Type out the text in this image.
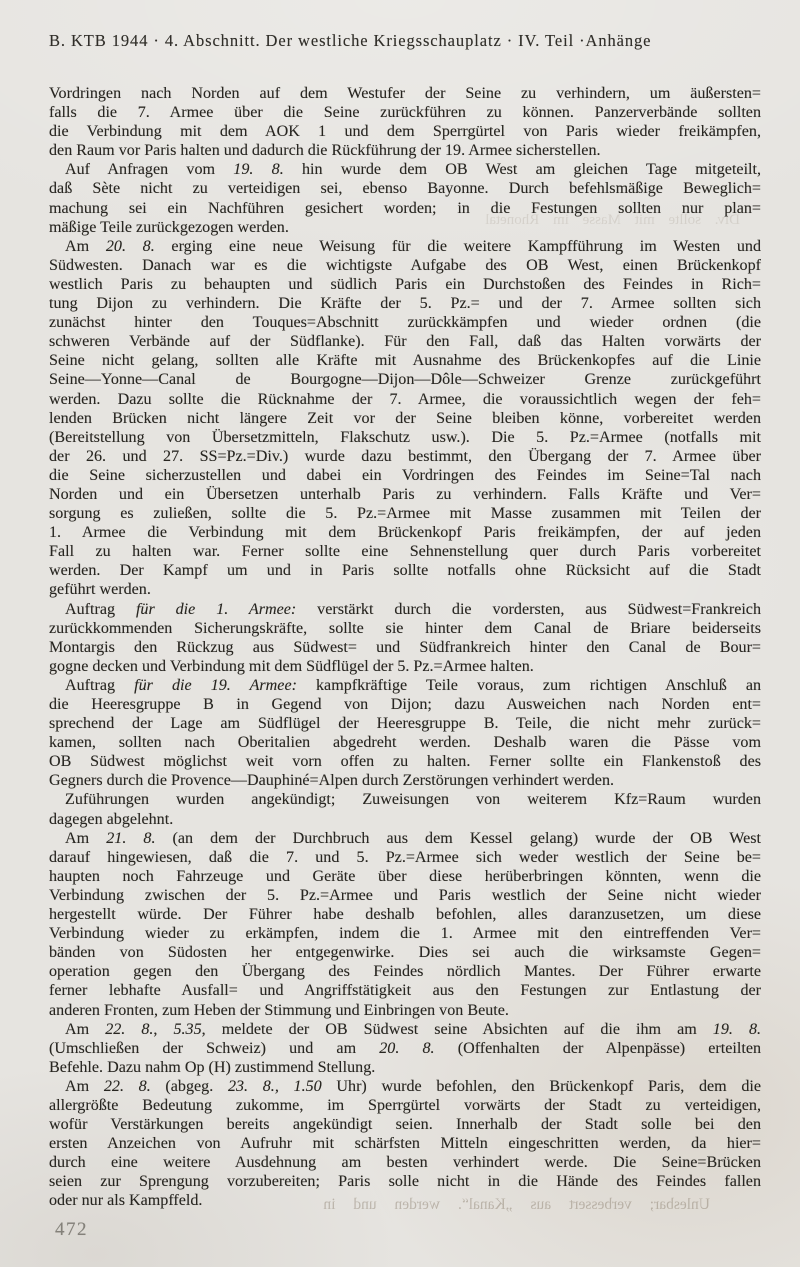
B. KTB 1944 · 4. Abschnitt. Der westliche Kriegsschauplatz · IV. Teil ·Anhänge
Div. sollte mit Masse im Rhonetal
Vordringen nach Norden auf dem Westufer der Seine zu verhindern, um äußersten=
falls die 7. Armee über die Seine zurückführen zu können. Panzerverbände sollten
die Verbindung mit dem AOK 1 und dem Sperrgürtel von Paris wieder freikämpfen,
den Raum vor Paris halten und dadurch die Rückführung der 19. Armee sicherstellen.
Auf Anfragen vom 19. 8. hin wurde dem OB West am gleichen Tage mitgeteilt,
daß Sète nicht zu verteidigen sei, ebenso Bayonne. Durch befehlsmäßige Beweglich=
machung sei ein Nachführen gesichert worden; in die Festungen sollten nur plan=
mäßige Teile zurückgezogen werden.
Am 20. 8. erging eine neue Weisung für die weitere Kampfführung im Westen und
Südwesten. Danach war es die wichtigste Aufgabe des OB West, einen Brückenkopf
westlich Paris zu behaupten und südlich Paris ein Durchstoßen des Feindes in Rich=
tung Dijon zu verhindern. Die Kräfte der 5. Pz.= und der 7. Armee sollten sich
zunächst hinter den Touques=Abschnitt zurückkämpfen und wieder ordnen (die
schweren Verbände auf der Südflanke). Für den Fall, daß das Halten vorwärts der
Seine nicht gelang, sollten alle Kräfte mit Ausnahme des Brückenkopfes auf die Linie
Seine—Yonne—Canal de Bourgogne—Dijon—Dôle—Schweizer Grenze zurückgeführt
werden. Dazu sollte die Rücknahme der 7. Armee, die voraussichtlich wegen der feh=
lenden Brücken nicht längere Zeit vor der Seine bleiben könne, vorbereitet werden
(Bereitstellung von Übersetzmitteln, Flakschutz usw.). Die 5. Pz.=Armee (notfalls mit
der 26. und 27. SS=Pz.=Div.) wurde dazu bestimmt, den Übergang der 7. Armee über
die Seine sicherzustellen und dabei ein Vordringen des Feindes im Seine=Tal nach
Norden und ein Übersetzen unterhalb Paris zu verhindern. Falls Kräfte und Ver=
sorgung es zuließen, sollte die 5. Pz.=Armee mit Masse zusammen mit Teilen der
1. Armee die Verbindung mit dem Brückenkopf Paris freikämpfen, der auf jeden
Fall zu halten war. Ferner sollte eine Sehnenstellung quer durch Paris vorbereitet
werden. Der Kampf um und in Paris sollte notfalls ohne Rücksicht auf die Stadt
geführt werden.
Auftrag für die 1. Armee: verstärkt durch die vordersten, aus Südwest=Frankreich
zurückkommenden Sicherungskräfte, sollte sie hinter dem Canal de Briare beiderseits
Montargis den Rückzug aus Südwest= und Südfrankreich hinter den Canal de Bour=
gogne decken und Verbindung mit dem Südflügel der 5. Pz.=Armee halten.
Auftrag für die 19. Armee: kampfkräftige Teile voraus, zum richtigen Anschluß an
die Heeresgruppe B in Gegend von Dijon; dazu Ausweichen nach Norden ent=
sprechend der Lage am Südflügel der Heeresgruppe B. Teile, die nicht mehr zurück=
kamen, sollten nach Oberitalien abgedreht werden. Deshalb waren die Pässe vom
OB Südwest möglichst weit vorn offen zu halten. Ferner sollte ein Flankenstoß des
Gegners durch die Provence—Dauphiné=Alpen durch Zerstörungen verhindert werden.
Zuführungen wurden angekündigt; Zuweisungen von weiterem Kfz=Raum wurden
dagegen abgelehnt.
Am 21. 8. (an dem der Durchbruch aus dem Kessel gelang) wurde der OB West
darauf hingewiesen, daß die 7. und 5. Pz.=Armee sich weder westlich der Seine be=
haupten noch Fahrzeuge und Geräte über diese herüberbringen könnten, wenn die
Verbindung zwischen der 5. Pz.=Armee und Paris westlich der Seine nicht wieder
hergestellt würde. Der Führer habe deshalb befohlen, alles daranzusetzen, um diese
Verbindung wieder zu erkämpfen, indem die 1. Armee mit den eintreffenden Ver=
bänden von Südosten her entgegenwirke. Dies sei auch die wirksamste Gegen=
operation gegen den Übergang des Feindes nördlich Mantes. Der Führer erwarte
ferner lebhafte Ausfall= und Angriffstätigkeit aus den Festungen zur Entlastung der
anderen Fronten, zum Heben der Stimmung und Einbringen von Beute.
Am 22. 8., 5.35, meldete der OB Südwest seine Absichten auf die ihm am 19. 8.
(Umschließen der Schweiz) und am 20. 8. (Offenhalten der Alpenpässe) erteilten
Befehle. Dazu nahm Op (H) zustimmend Stellung.
Am 22. 8. (abgeg. 23. 8., 1.50 Uhr) wurde befohlen, den Brückenkopf Paris, dem die
allergrößte Bedeutung zukomme, im Sperrgürtel vorwärts der Stadt zu verteidigen,
wofür Verstärkungen bereits angekündigt seien. Innerhalb der Stadt solle bei den
ersten Anzeichen von Aufruhr mit schärfsten Mitteln eingeschritten werden, da hier=
durch eine weitere Ausdehnung am besten verhindert werde. Die Seine=Brücken
seien zur Sprengung vorzubereiten; Paris solle nicht in die Hände des Feindes fallen
oder nur als Kampffeld.	Unlesbar; verbessert aus „Kanal“. werden und in
472
